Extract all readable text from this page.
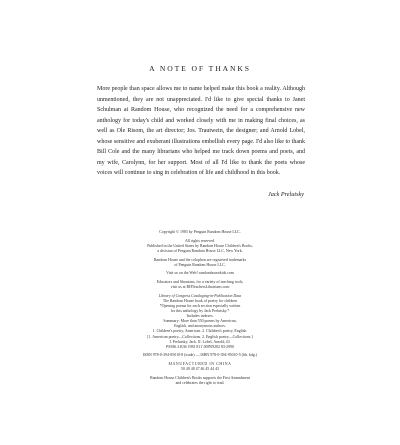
A NOTE OF THANKS

More people than space allows me to name helped make this book a reality. Although unmentioned, they are not unappreciated. I'd like to give special thanks to Janet Schulman at Random House, who recognized the need for a comprehensive new anthology for today's child and worked closely with me in making final choices, as well as Ole Risom, the art director; Jos. Trautwein, the designer; and Arnold Lobel, whose sensitive and exuberant illustrations embellish every page. I'd also like to thank Bill Cole and the many librarians who helped me track down poems and poets, and my wife, Carolynn, for her support. Most of all I'd like to thank the poets whose voices will continue to sing in celebration of life and childhood in this book.

Jack Prelutsky

Copyright © 1983 by Penguin Random House LLC.

All rights reserved.
Published in the United States by Random House Children's Books,
a division of Penguin Random House LLC, New York.

Random House and the colophon are registered trademarks
of Penguin Random House LLC.

Visit us on the Web! randomhousekids.com

Educators and librarians, for a variety of teaching tools,
visit us at RHTeachersLibrarians.com

Library of Congress Cataloging-in-Publication Data
The Random House book of poetry for children
*Opening poems for each section especially written
for this anthology by Jack Prelutsky.*
Includes indexes.
Summary: More than 550 poems by American,
English, and anonymous authors.
1. Children's poetry, American. 2. Children's poetry, English.
[1. American poetry—Collections. 2. English poetry—Collections.]
I. Prelutsky, Jack. II. Lobel, Arnold, ill.
PS586.3.R36 1983 811'.008'09282 83-2990

ISBN 978-0-394-85010-8 (trade) — ISBN 978-0-394-95010-5 (lib. bdg.)

MANUFACTURED IN CHINA
50 49 48 47 46 45 44 43

Random House Children's Books supports the First Amendment
and celebrates the right to read.
